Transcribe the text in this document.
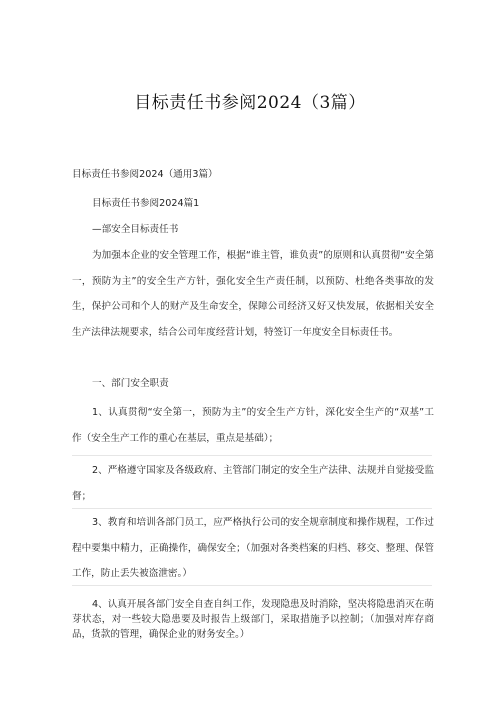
目标责任书参阅2024（3篇）
目标责任书参阅2024（通用3篇）
目标责任书参阅2024篇1
—部安全目标责任书
为加强本企业的安全管理工作，根据“谁主管，谁负责”的原则和认真贯彻“安全第一，预防为主”的安全生产方针，强化安全生产责任制，以预防、杜绝各类事故的发生，保护公司和个人的财产及生命安全，保障公司经济又好又快发展，依据相关安全生产法律法规要求，结合公司年度经营计划，特签订一年度安全目标责任书。
一、部门安全职责
1、认真贯彻“安全第一，预防为主”的安全生产方针，深化安全生产的“双基”工作（安全生产工作的重心在基层，重点是基础）；
2、严格遵守国家及各级政府、主管部门制定的安全生产法律、法规并自觉接受监督；
3、教育和培训各部门员工，应严格执行公司的安全规章制度和操作规程，工作过程中要集中精力，正确操作，确保安全；（加强对各类档案的归档、移交、整理、保管工作，防止丢失被盗泄密。）
4、认真开展各部门安全自查自纠工作，发现隐患及时消除，坚决将隐患消灭在萌芽状态，对一些较大隐患要及时报告上级部门，采取措施予以控制；（加强对库存商品，货款的管理，确保企业的财务安全。）
